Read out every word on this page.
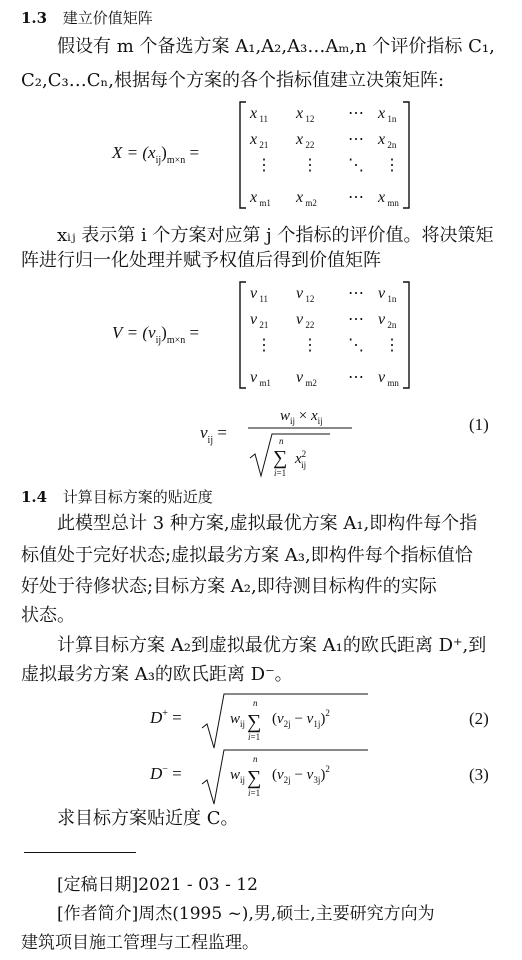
1.3 建立价值矩阵
假设有 m 个备选方案 A₁,A₂,A₃…Aₘ,n 个评价指标 C₁,
C₂,C₃…Cₙ,根据每个方案的各个指标值建立决策矩阵:
$X = (x_{ij})_{m\times n}$ =
x $_{11}$ x $_{12}$ ⋯ x $_{1n}$
x $_{21}$ x $_{22}$ ⋯ x $_{2n}$
⋮ ⋮ ⋱ ⋮
x $_{m1}$ x $_{m2}$ ⋯ x $_{mn}$
xᵢⱼ 表示第 i 个方案对应第 j 个指标的评价值。将决策矩
阵进行归一化处理并赋予权值后得到价值矩阵
$V = (v_{ij})_{m\times n}$ =
v $_{11}$ v $_{12}$ ⋯ v $_{1n}$
v $_{21}$ v $_{22}$ ⋯ v $_{2n}$
⋮ ⋮ ⋱ ⋮
v $_{m1}$ v $_{m2}$ ⋯ v $_{mn}$
$v_{ij}$ =
$w_{ij} \times x_{ij}$
n
∑
i=1
$x^2$ ij
(1)
1.4 计算目标方案的贴近度
此模型总计 3 种方案,虚拟最优方案 A₁,即构件每个指
标值处于完好状态;虚拟最劣方案 A₃,即构件每个指标值恰
好处于待修状态;目标方案 A₂,即待测目标构件的实际
状态。
计算目标方案 A₂到虚拟最优方案 A₁的欧氏距离 D⁺,到
虚拟最劣方案 A₃的欧氏距离 D⁻。
D+ =	$w_{ij}$
n
∑
i=1
$(v_{2j} - v_{1j})^2$	(2)
D− =	$w_{ij}$
n
∑
i=1
$(v_{2j} - v_{3j})^2$	(3)
求目标方案贴近度 C。
[定稿日期]2021 - 03 - 12
[作者简介]周杰(1995 ~),男,硕士,主要研究方向为
建筑项目施工管理与工程监理。
